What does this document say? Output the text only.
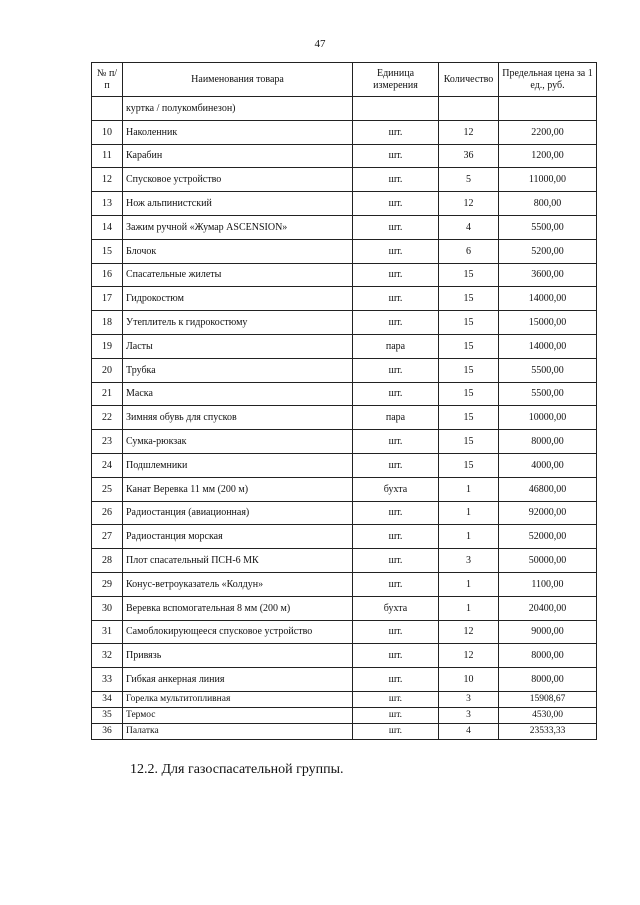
47
№ п/п	Наименования товара	Единица измерения	Количество	Предельная цена за 1 ед., руб.
	куртка / полукомбинезон)			
10	Наколенник	шт.	12	2200,00
11	Карабин	шт.	36	1200,00
12	Спусковое устройство	шт.	5	11000,00
13	Нож альпинистский	шт.	12	800,00
14	Зажим ручной «Жумар ASCENSION»	шт.	4	5500,00
15	Блочок	шт.	6	5200,00
16	Спасательные жилеты	шт.	15	3600,00
17	Гидрокостюм	шт.	15	14000,00
18	Утеплитель к гидрокостюму	шт.	15	15000,00
19	Ласты	пара	15	14000,00
20	Трубка	шт.	15	5500,00
21	Маска	шт.	15	5500,00
22	Зимняя обувь для спусков	пара	15	10000,00
23	Сумка-рюкзак	шт.	15	8000,00
24	Подшлемники	шт.	15	4000,00
25	Канат Веревка 11 мм (200 м)	бухта	1	46800,00
26	Радиостанция (авиационная)	шт.	1	92000,00
27	Радиостанция морская	шт.	1	52000,00
28	Плот спасательный ПСН-6 МК	шт.	3	50000,00
29	Конус-ветроуказатель «Колдун»	шт.	1	1100,00
30	Веревка вспомогательная 8 мм (200 м)	бухта	1	20400,00
31	Самоблокирующееся спусковое устройство	шт.	12	9000,00
32	Привязь	шт.	12	8000,00
33	Гибкая анкерная линия	шт.	10	8000,00
34	Горелка мультитопливная	шт.	3	15908,67
35	Термос	шт.	3	4530,00
36	Палатка	шт.	4	23533,33
12.2. Для газоспасательной группы.
